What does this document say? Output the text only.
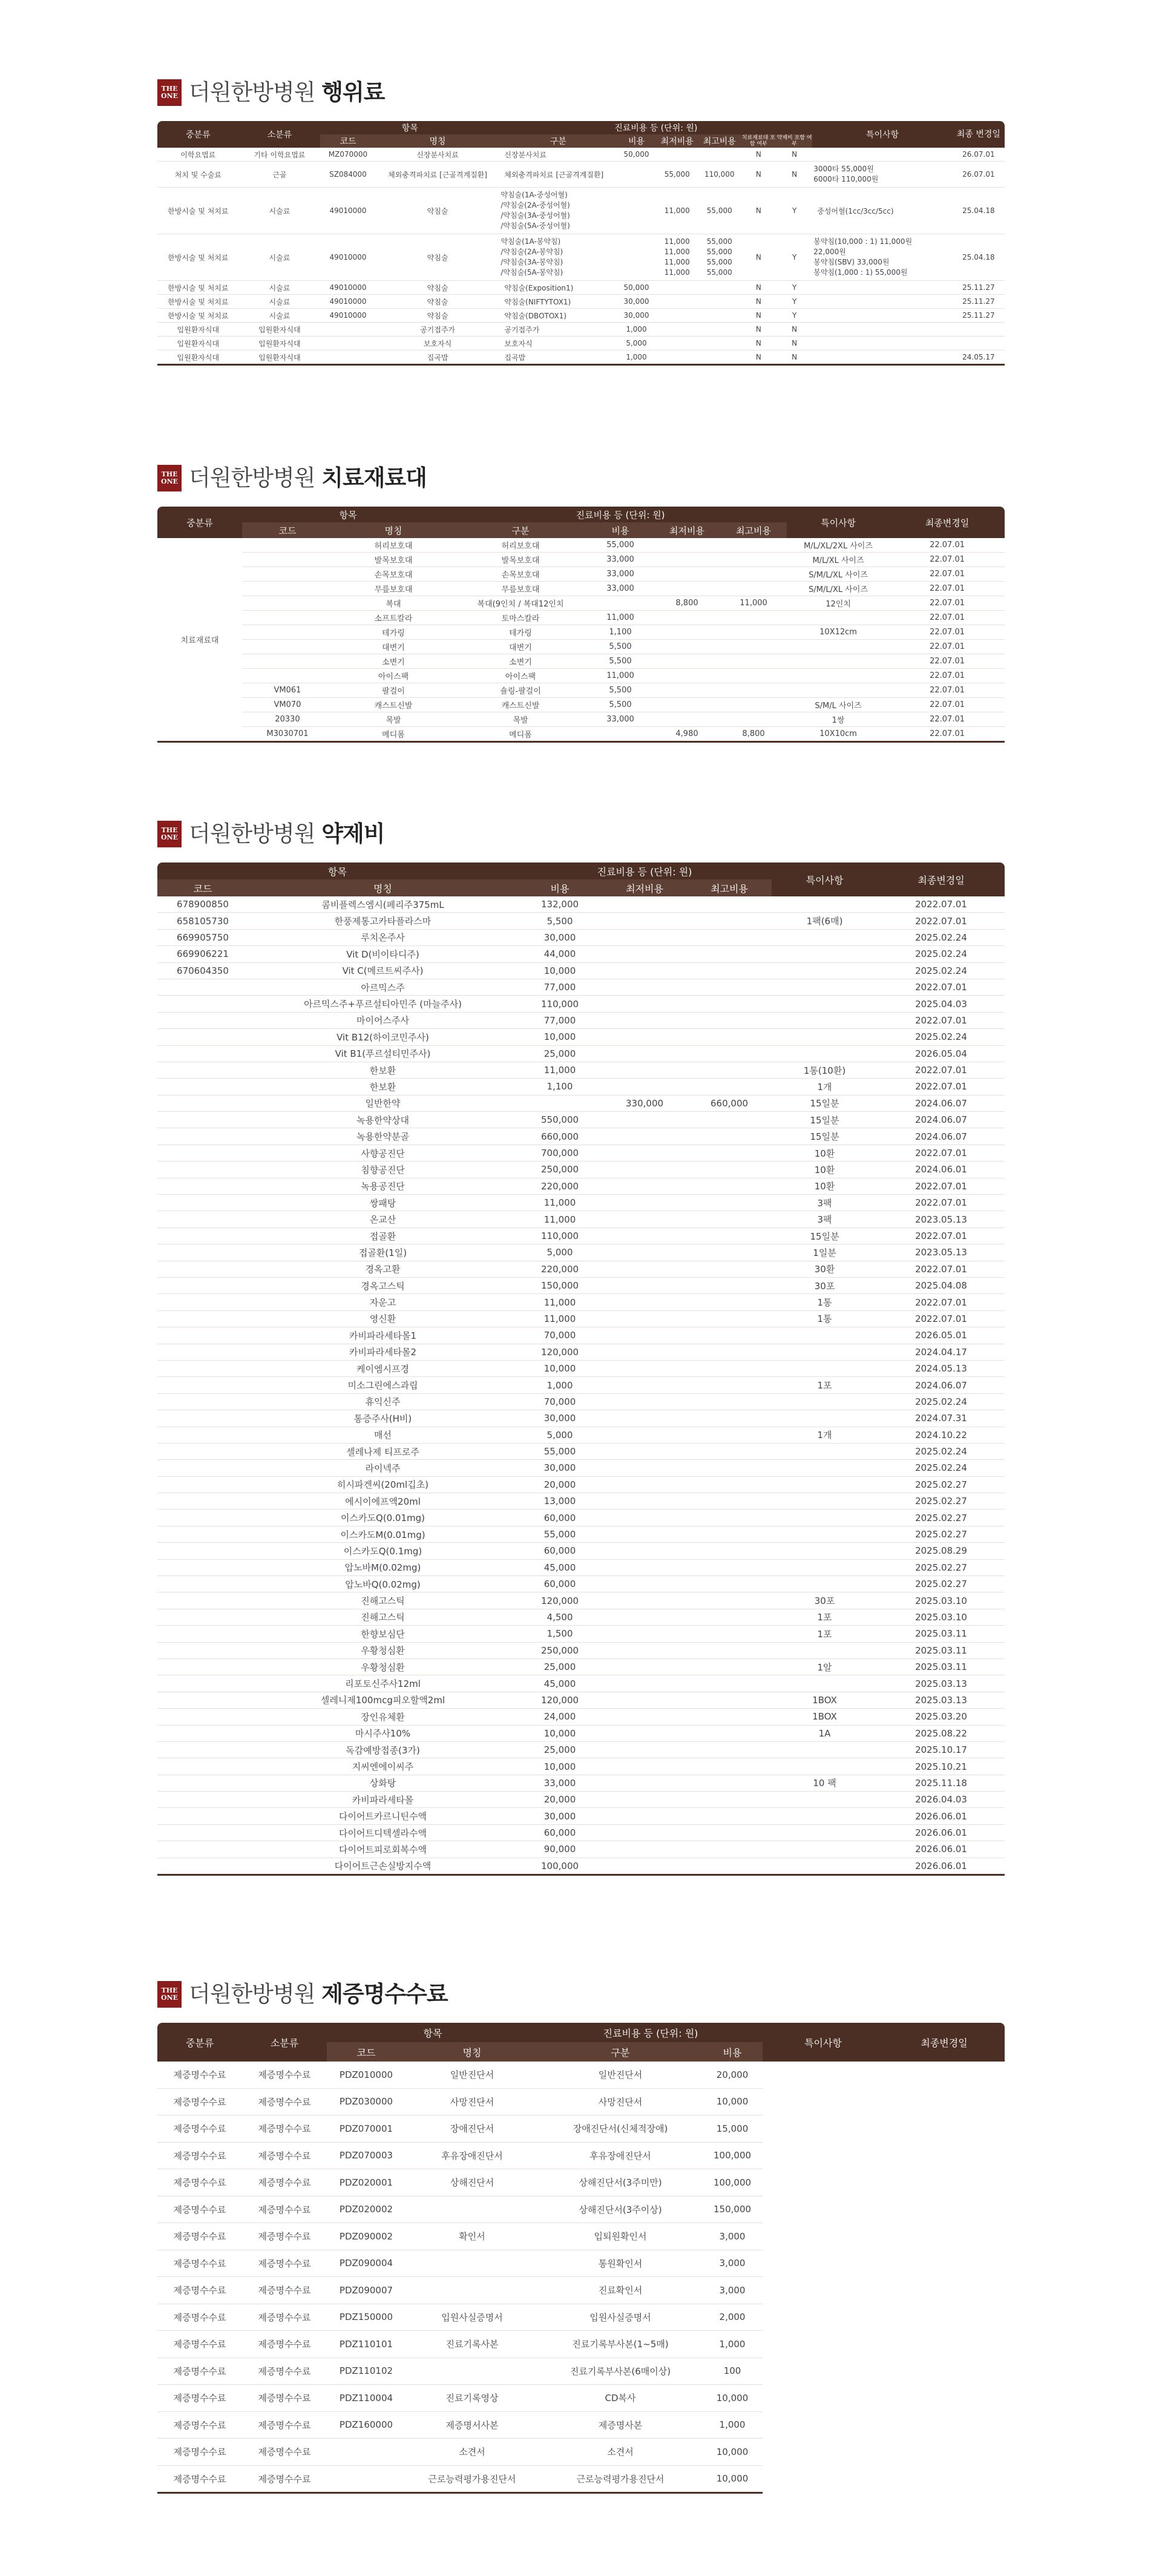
THE
ONE 더원한방병원 행위료
중분류	소분류	항목		진료비용 등 (단위: 원)						특이사항	최종 변경일
		코드	명칭	구분	비용	최저비용	최고비용	치료재료대 포함 여부	약제비 포함 여부		
이학요법료	기타 이학요법료	MZ070000	신장분사치료	신장분사치료	50,000			N	N		26.07.01
처치 및 수술료	근골	SZ084000	체외충격파치료 [근골격계질환]	체외충격파치료 [근골격계질환]		55,000	110,000	N	N	3000타 55,000원
6000타 110,000원	26.07.01
한방시술 및 처치료	시술료	49010000	약침술	약침술(1A-중성어혈)
/약침술(2A-중성어혈)
/약침술(3A-중성어혈)
/약침술(5A-중성어혈)		11,000	55,000	N	Y	중성어혈(1cc/3cc/5cc)	25.04.18
한방시술 및 처치료	시술료	49010000	약침술	약침술(1A-봉약침)
/약침술(2A-봉약침)
/약침술(3A-봉약침)
/약침술(5A-봉약침)		11,000
11,000
11,000
11,000	55,000
55,000
55,000
55,000	N	Y	봉약침(10,000 : 1) 11,000원
22,000원
봉약침(SBV) 33,000원
봉약침(1,000 : 1) 55,000원	25.04.18
한방시술 및 처치료	시술료	49010000	약침술	약침술(Exposition1)	50,000			N	Y		25.11.27
한방시술 및 처치료	시술료	49010000	약침술	약침술(NIFTYTOX1)	30,000			N	Y		25.11.27
한방시술 및 처치료	시술료	49010000	약침술	약침술(DBOTOX1)	30,000			N	Y		25.11.27
입원환자식대	입원환자식대		공기접주가	공기접주가	1,000			N	N		
입원환자식대	입원환자식대		보호자식	보호자식	5,000			N	N		
입원환자식대	입원환자식대		집곡밥	집곡밥	1,000			N	N		24.05.17
THE
ONE 더원한방병원 치료재료대
중분류	항목		진료비용 등 (단위: 원)				특이사항	최종변경일
	코드	명칭	구분	비용	최저비용	최고비용		
치료재료대		허리보호대	허리보호대	55,000			M/L/XL/2XL 사이즈	22.07.01
		발목보호대	발목보호대	33,000			M/L/XL 사이즈	22.07.01
		손목보호대	손목보호대	33,000			S/M/L/XL 사이즈	22.07.01
		무릎보호대	무릎보호대	33,000			S/M/L/XL 사이즈	22.07.01
		복대	복대(9인치 / 복대12인치		8,800	11,000	12인치	22.07.01
		소프트칼라	토마스칼라	11,000				22.07.01
		테가링	테가링	1,100			10X12cm	22.07.01
		대변기	대변기	5,500				22.07.01
		소변기	소변기	5,500				22.07.01
		아이스팩	아이스팩	11,000				22.07.01
	VM061	팔걸이	숄링-팔걸이	5,500				22.07.01
	VM070	캐스트신발	캐스트신발	5,500			S/M/L 사이즈	22.07.01
	20330	목발	목발	33,000			1쌍	22.07.01
	M3030701	메디폼	메디폼		4,980	8,800	10X10cm	22.07.01
THE
ONE 더원한방병원 약제비
항목		진료비용 등 (단위: 원)			특이사항	최종변경일
코드	명칭	비용	최저비용	최고비용		
678900850	콤비플렉스엠시(페리주375mL	132,000				2022.07.01
658105730	한풍제통고카타플라스마	5,500			1팩(6매)	2022.07.01
669905750	루치온주사	30,000				2025.02.24
669906221	Vit D(비이타디주)	44,000				2025.02.24
670604350	Vit C(메르트씨주사)	10,000				2025.02.24
	아르믹스주	77,000				2022.07.01
	아르믹스주+푸르설티아민주 (마늘주사)	110,000				2025.04.03
	마이어스주사	77,000				2022.07.01
	Vit B12(하이코민주사)	10,000				2025.02.24
	Vit B1(푸르설티민주사)	25,000				2026.05.04
	한보환	11,000			1통(10환)	2022.07.01
	한보환	1,100			1개	2022.07.01
	일반한약		330,000	660,000	15일분	2024.06.07
	녹용한약상대	550,000			15일분	2024.06.07
	녹용한약분골	660,000			15일분	2024.06.07
	사향공진단	700,000			10환	2022.07.01
	침향공진단	250,000			10환	2024.06.01
	녹용공진단	220,000			10환	2022.07.01
	쌍패탕	11,000			3팩	2022.07.01
	온교산	11,000			3팩	2023.05.13
	접골환	110,000			15일분	2022.07.01
	접골환(1일)	5,000			1일분	2023.05.13
	경옥고환	220,000			30환	2022.07.01
	경옥고스틱	150,000			30포	2025.04.08
	자운고	11,000			1통	2022.07.01
	영신환	11,000			1통	2022.07.01
	카비파라세타몰1	70,000				2026.05.01
	카비파라세타몰2	120,000				2024.04.17
	케이엠시프경	10,000				2024.05.13
	미소그린에스과립	1,000			1포	2024.06.07
	휴익신주	70,000				2025.02.24
	통증주사(H비)	30,000				2024.07.31
	매선	5,000			1개	2024.10.22
	셀레나제 티프로주	55,000				2025.02.24
	라이넥주	30,000				2025.02.24
	히시파겐씨(20ml깁초)	20,000				2025.02.27
	에시이에프액20ml	13,000				2025.02.27
	이스카도Q(0.01mg)	60,000				2025.02.27
	이스카도M(0.01mg)	55,000				2025.02.27
	이스카도Q(0.1mg)	60,000				2025.08.29
	압노바M(0.02mg)	45,000				2025.02.27
	압노바Q(0.02mg)	60,000				2025.02.27
	진해고스틱	120,000			30포	2025.03.10
	진해고스틱	4,500			1포	2025.03.10
	한향보심단	1,500			1포	2025.03.11
	우황청심환	250,000				2025.03.11
	우황청심환	25,000			1알	2025.03.11
	리포토신주사12ml	45,000				2025.03.13
	셀레니제100mcg피오할액2ml	120,000			1BOX	2025.03.13
	장인유체환	24,000			1BOX	2025.03.20
	마시주사10%	10,000			1A	2025.08.22
	독감예방접종(3가)	25,000				2025.10.17
	지씨엔에이씨주	10,000				2025.10.21
	상화탕	33,000			10 팩	2025.11.18
	카비파라세타몰	20,000				2026.04.03
	다이어트카르니틴수액	30,000				2026.06.01
	다이어트디텍셀라수액	60,000				2026.06.01
	다이어트피로회복수액	90,000				2026.06.01
	다이어트근손실방지수액	100,000				2026.06.01
THE
ONE 더원한방병원 제증명수수료
중분류	소분류	항목		진료비용 등 (단위: 원)		특이사항	최종변경일
		코드	명칭	구분	비용		
제증명수수료	제증명수수료	PDZ010000	일반진단서	일반진단서	20,000		
제증명수수료	제증명수수료	PDZ030000	사망진단서	사망진단서	10,000		
제증명수수료	제증명수수료	PDZ070001	장애진단서	장애진단서(신체적장애)	15,000		
제증명수수료	제증명수수료	PDZ070003	후유장애진단서	후유장애진단서	100,000		
제증명수수료	제증명수수료	PDZ020001	상해진단서	상해진단서(3주미만)	100,000		
제증명수수료	제증명수수료	PDZ020002		상해진단서(3주이상)	150,000		
제증명수수료	제증명수수료	PDZ090002	확인서	입퇴원확인서	3,000		
제증명수수료	제증명수수료	PDZ090004		통원확인서	3,000		
제증명수수료	제증명수수료	PDZ090007		진료확인서	3,000		
제증명수수료	제증명수수료	PDZ150000	입원사실증명서	입원사실증명서	2,000		
제증명수수료	제증명수수료	PDZ110101	진료기록사본	진료기록부사본(1~5매)	1,000		
제증명수수료	제증명수수료	PDZ110102		진료기록부사본(6매이상)	100		
제증명수수료	제증명수수료	PDZ110004	진료기록영상	CD복사	10,000		
제증명수수료	제증명수수료	PDZ160000	제증명서사본	제증명사본	1,000		
제증명수수료	제증명수수료		소견서	소견서	10,000		
제증명수수료	제증명수수료		근로능력평가용진단서	근로능력평가용진단서	10,000		
